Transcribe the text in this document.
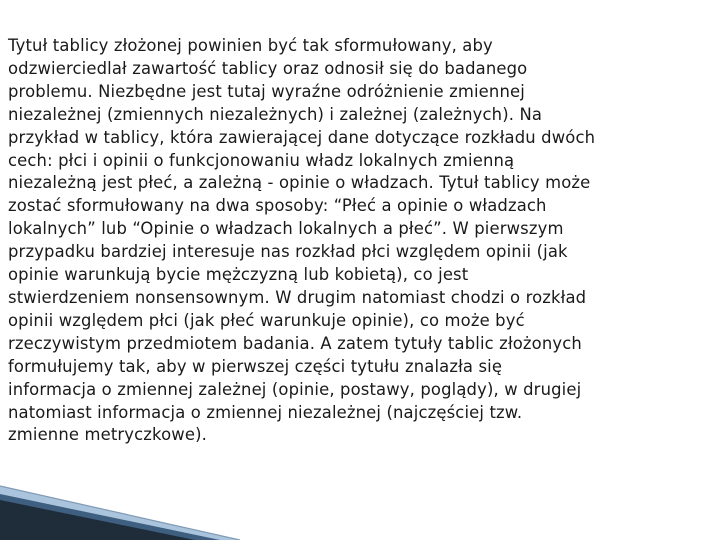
Tytuł tablicy złożonej powinien być tak sformułowany, aby
odzwierciedlał zawartość tablicy oraz odnosił się do badanego
problemu. Niezbędne jest tutaj wyraźne odróżnienie zmiennej
niezależnej (zmiennych niezależnych) i zależnej (zależnych). Na
przykład w tablicy, która zawierającej dane dotyczące rozkładu dwóch
cech: płci i opinii o funkcjonowaniu władz lokalnych zmienną
niezależną jest płeć, a zależną - opinie o władzach. Tytuł tablicy może
zostać sformułowany na dwa sposoby: “Płeć a opinie o władzach
lokalnych” lub “Opinie o władzach lokalnych a płeć”. W pierwszym
przypadku bardziej interesuje nas rozkład płci względem opinii (jak
opinie warunkują bycie mężczyzną lub kobietą), co jest
stwierdzeniem nonsensownym. W drugim natomiast chodzi o rozkład
opinii względem płci (jak płeć warunkuje opinie), co może być
rzeczywistym przedmiotem badania. A zatem tytuły tablic złożonych
formułujemy tak, aby w pierwszej części tytułu znalazła się
informacja o zmiennej zależnej (opinie, postawy, poglądy), w drugiej
natomiast informacja o zmiennej niezależnej (najczęściej tzw.
zmienne metryczkowe).
